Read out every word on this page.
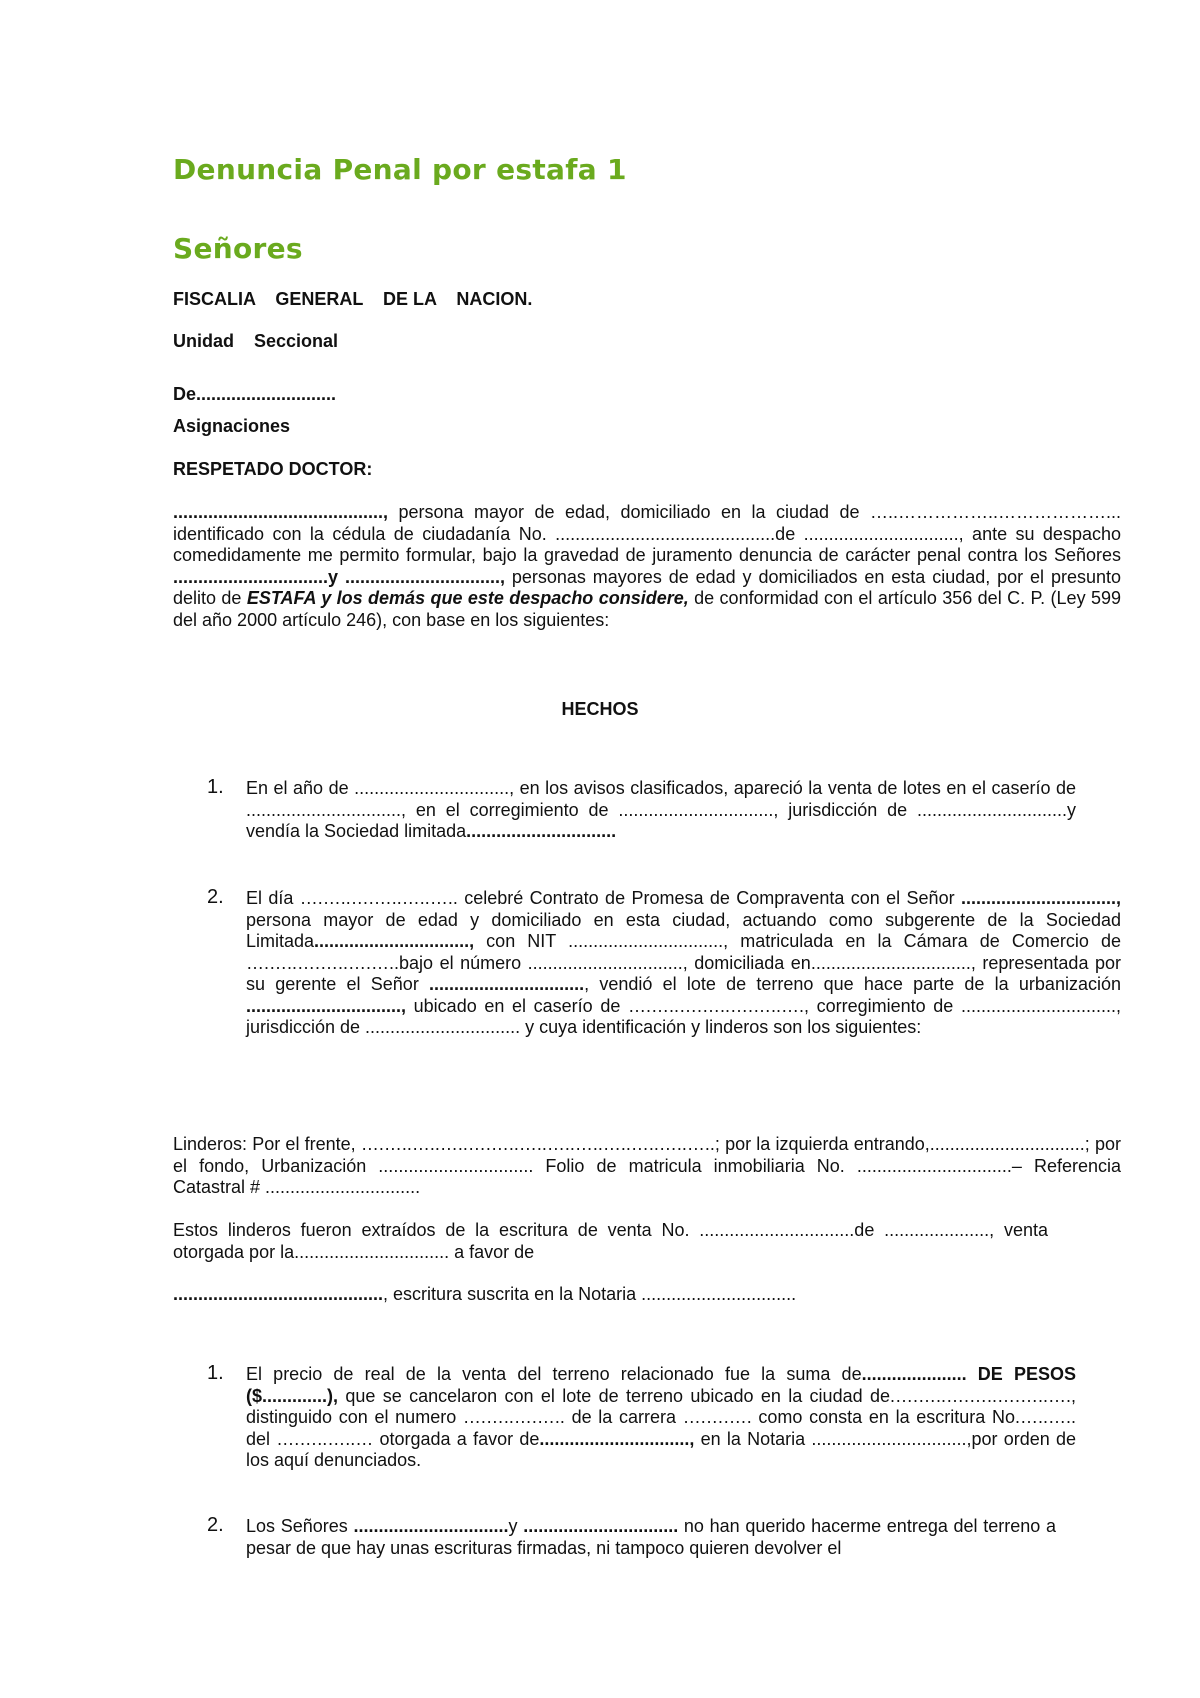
Denuncia Penal por estafa 1
Señores

FISCALIA    GENERAL    DE LA    NACION.

Unidad    Seccional

De............................

Asignaciones

RESPETADO DOCTOR:

.........................................., persona mayor de edad, domiciliado en la ciudad de …..……………..………………... identificado con la cédula de ciudadanía No. ............................................de ..............................., ante su despacho comedidamente me permito formular, bajo la gravedad de juramento denuncia de carácter penal contra los Señores ...............................y ..............................., personas mayores de edad y domiciliados en esta ciudad, por el presunto delito de ESTAFA y los demás que este despacho considere, de conformidad con el artículo 356 del C. P. (Ley 599 del año 2000 artículo 246), con base en los siguientes:

HECHOS

1. En el año de ..............................., en los avisos clasificados, apareció la venta de lotes en el caserío de ..............................., en el corregimiento de ..............................., jurisdicción de ..............................y vendía la Sociedad limitada..............................

2. El día ….…..….…..…..….. celebré Contrato de Promesa de Compraventa con el Señor ..............................., persona mayor de edad y domiciliado en esta ciudad, actuando como subgerente de la Sociedad Limitada..............................., con NIT ..............................., matriculada en la Cámara de Comercio de ….…..….…..….…..bajo el número ..............................., domiciliada en................................, representada por su gerente el Señor ..............................., vendió el lote de terreno que hace parte de la urbanización ..............................., ubicado en el caserío de ….…..….…..….…..…., corregimiento de ..............................., jurisdicción de ............................... y cuya identificación y linderos son los siguientes:

Linderos: Por el frente, ….…..…..…..….…..…..…..…..…..…..…..…..; por la izquierda entrando,...............................; por el fondo, Urbanización ............................... Folio de matricula inmobiliaria No. ...............................– Referencia Catastral # ...............................

Estos linderos fueron extraídos de la escritura de venta No. ...............................de ....................., venta otorgada por la............................... a favor de

.........................................., escritura suscrita en la Notaria ...............................

1. El precio de real de la venta del terreno relacionado fue la suma de..................... DE PESOS ($.............), que se cancelaron con el lote de terreno ubicado en la ciudad de.….…..….…..….…..…., distinguido con el numero ….…..….….. de la carrera ….….…. como consta en la escritura No.…..….. del ….…..…..… otorgada a favor de.............................., en la Notaria ...............................,por orden de los aquí denunciados.

2. Los Señores ...............................y ............................... no han querido hacerme entrega del terreno a pesar de que hay unas escrituras firmadas, ni tampoco quieren devolver el
